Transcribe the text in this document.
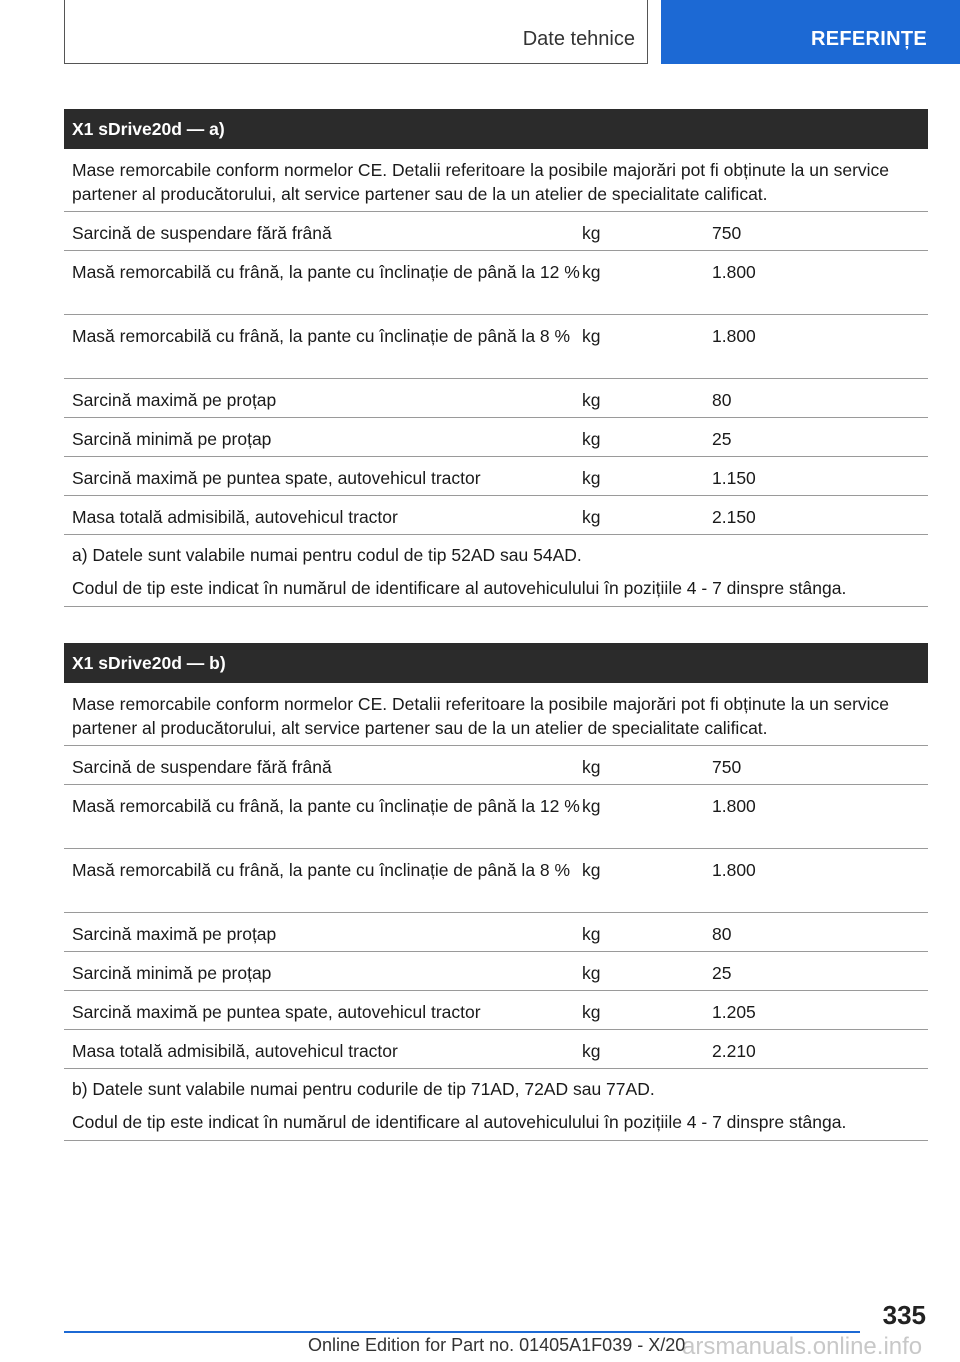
Date tehnice	REFERINȚE
X1 sDrive20d — a)
Mase remorcabile conform normelor CE. Detalii referitoare la posibile majorări pot fi obținute la un service partener al producătorului, alt service partener sau de la un atelier de specialitate calificat.
Sarcină de suspendare fără frână	kg	750
Masă remorcabilă cu frână, la pante cu înclinație de până la 12 % kg	1.800
Masă remorcabilă cu frână, la pante cu înclinație de până la 8 % kg	1.800
Sarcină maximă pe proțap	kg	80
Sarcină minimă pe proțap	kg	25
Sarcină maximă pe puntea spate, autovehicul tractor	kg	1.150
Masa totală admisibilă, autovehicul tractor	kg	2.150

a) Datele sunt valabile numai pentru codul de tip 52AD sau 54AD.

Codul de tip este indicat în numărul de identificare al autovehiculului în pozițiile 4 - 7 dinspre stânga.

X1 sDrive20d — b)
Mase remorcabile conform normelor CE. Detalii referitoare la posibile majorări pot fi obținute la un service partener al producătorului, alt service partener sau de la un atelier de specialitate calificat.
Sarcină de suspendare fără frână	kg	750
Masă remorcabilă cu frână, la pante cu înclinație de până la 12 % kg	1.800
Masă remorcabilă cu frână, la pante cu înclinație de până la 8 % kg	1.800
Sarcină maximă pe proțap	kg	80
Sarcină minimă pe proțap	kg	25
Sarcină maximă pe puntea spate, autovehicul tractor	kg	1.205
Masa totală admisibilă, autovehicul tractor	kg	2.210

b) Datele sunt valabile numai pentru codurile de tip 71AD, 72AD sau 77AD.

Codul de tip este indicat în numărul de identificare al autovehiculului în pozițiile 4 - 7 dinspre stânga.

335
arsmanuals.online.info
Online Edition for Part no. 01405A1F039 - X/20
